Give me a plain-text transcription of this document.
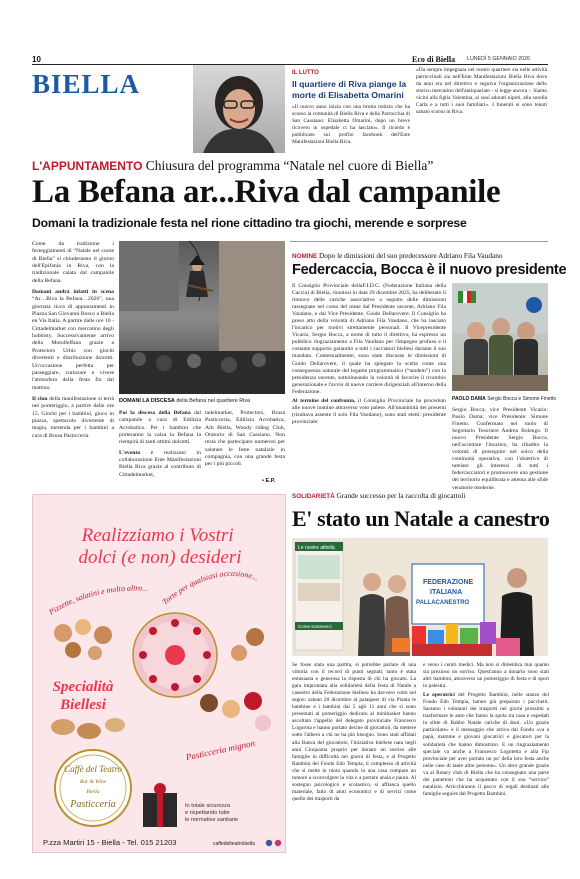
10	Eco di Biella LUNEDÌ 5 GENNAIO 2026
BIELLA	IL LUTTO
Il quartiere di Riva piange la morte di Elisabetta Omarini
«Il nuovo anno inizia con una brutta notizia che ha scosso la comunità di Biella Riva e della Parrocchia di San Cassiano: Elisabetta Omarini, dopo un breve ricovero in ospedale ci ha lasciato». Il ricordo è pubblicato sul profilo facebook dell'Ente Manifestazioni Biella Riva.
«Da sempre impegnata nel nostro quartiere sia nelle attività parrocchiali sia nell'Ente Manifestazioni Biella Riva dove da anni era nel direttivo e seguiva l'organizzazione dello storico mercatino dell'antiquariato - si legge ancora -. Siamo vicini alla figlia Valentina, ai suoi adorati nipoti, alla sorella Carla e a tutti i suoi familiari». I funerali si sono tenuti sabato scorso in Riva.
L'APPUNTAMENTO Chiusura del programma “Natale nel cuore di Biella”
La Befana ar...Riva dal campanile
Domani la tradizionale festa nel rione cittadino tra giochi, merende e sorprese

Come da tradizione i festeggiamenti di “Natale nel cuore di Biella” si chiuderanno il giorno dell'Epifania in Riva, con la tradizionale calata dal campanile della Befana.

Domani andrà infatti in scena “Ar…Riva la Befana…2026”, una giornata ricca di appuntamenti in Piazza San Giovanni Bosco a Biella en Via Italia. A partire dalle ore 10 - Cittadelmarket con mercatino degli hobbisty. Successivamente arrivo della Motolleffana grazie a Protectors Urbis con giochi divertenti e distribuzione dolcetti. Un'occasione perfetta per passeggiare, curiosare e vivere l'atmosfera della festa fin dal mattino.

Il clou della manifestazione si terrà nel pomeriggio, a partire dalle ore 15. Giochi per i bambini, gioco in piazza, spettacolo divertente di magia, merenda per i bambini a cura di Brusa Pasticceria.

DOMANI LA DISCESA della Befana nel quartiere Riva

Poi la discesa della Befana dal campanile a cura di Edilizia Acrobatica. Per i bambini che porteranno la calza la Befana la riempirà di tanti ottimi dolcetti.

L'evento è realizzato in collaborazione Ente Manifestazioni Biella Riva grazie al contributo di Cittadelmarket,

tadelmarket, Protectors, Brusa Pasticceria, Edilizia Acrobatica, Aib Biella, Woody riding Club, Oratorio di San Cassiano. Non resta che partecipare numerosi per salutare le feste natalizie in compagnia, con una grande festa per i più piccoli.

• E.P.
NOMINE Dopo le dimissioni del suo predecessore Adriano Fila Vaudano
Federcaccia, Bocca è il nuovo presidente

Il Consiglio Provinciale dellaF.I.D.C. (Federazione Italiana della Caccia) di Biella, riunitosi in data 29 dicembre 2025, ha deliberato il rinnovo delle cariche associative a seguito delle dimissioni rassegnate nel corso del mese dal Presidente uscente, Adriano Fila Vaudano, e dal Vice Presidente, Guido Dellarovere. Il Consiglio ha preso atto della volontà di Adriano Fila Vaudano, che ha lasciato l'incarico per motivi strettamente personali. Il Vicepresidente Vicario, Sergio Bocca, a nome di tutto il direttivo, ha espresso un pubblico ringraziamento a Fila Vaudano per l'impegno profuso e il costante supporto garantito a tutti i cacciatori biellesi durante il suo mandato. Contestualmente, sono state discusse le dimissioni di Guido Dellarovere, il quale ha spiegato la scelta come una conseguenza naturale del legame programmatico (“tandem”) con la presidenza uscente, sottolineando la volontà di favorire il ricambio generazionale e l'avvio di nuove carriere dirigenziali all'interno della Federazione.

Al termine del confronto, il Consiglio Provinciale ha proceduto alle nuove nomine attraverso voto palese. All'unanimità dei presenti (risultava assente il solo Fila Vaudano), sono stati eletti: presidente provinciale:

PAOLO DAMA Sergio Bocca e Simone Finetto
Sergio Bocca; vice Presidente Vicario: Paolo Dama; vice Presidente: Simone Finetto. Confermato nel ruolo di Segretario Tesoriere Andrea Bolengo. Il nuovo Presidente Sergio Bocca, nell'accettare l'incarico, ha ribadito la volontà di proseguire nel solco della continuità operativa, con l'obiettivo di tutelare gli interessi di tutti i federcacciatori e promuovere una gestione del territorio equilibrata e attenta alle sfide venatorie moderne.
SOLIDARIETÀ Grande successo per la raccolta di giocattoli
E' stato un Natale a canestro
Le nostre attività
Come sostenerci
FEDERAZIONE
ITALIANA
PALLACANESTRO
Se fosse stata una partita, si potrebbe parlare di una vittoria con il record di punti segnati, tanto è stata entusiasta e generosa la risposta di chi ha giocato. La gara improntata alla solidarietà della festa di Natale a canestro della Federazione biellese ha davvero colto nel segno: sabato 20 dicembre al palaspeer di via Pianta le bambine e i bambini dai 5 agli 11 anni che si sono presentati al pomeriggio dedicato al minibasket hanno ascoltato l'appello del delegato provinciale Francesco Logorota e hanno portato decine di giocattoli, da mettere sotto l'albero a chi ne ha più bisogno. Sono stati affidati alla Banca del giocattolo, l'iniziativa biellese nata negli anni Cinquanta proprio per donare un sorriso alle famiglie in difficoltà nei giorni di festa, e al Progetto Bambini del Fondo Edo Tempia, il complesso di attività che si mette in moto quando in una casa compare un tumore a sconvolgere la vita e a portare ansia e paura. Al sostegno psicologico e scolastico, si affianca quello materiale, fatto di aiuti economici e di servizi come quello dei trasporti da

e verso i centri medici. Ma non si dimentica mai quanto sia prezioso un sorriso. Quest'anno a donarlo sono stati altri bambini, attraverso un pomeriggio di festa e di sport in palestra.

Le operatrici del Progetto Bambini, nelle stanze del Fondo Edo Tempia, hanno già preparato i pacchetti. Saranno i volontari dei trasporti nei giorni prossimi a trasformare le auto che fanno la spola tra casa e ospedali in slitte di Babbo Natale cariche di doni. «Un grazie particolare» è il messaggio che arriva dal Fondo «va a papà, mamme e giovani giocatrici e giocatori per la solidarietà che hanno dimostrato. E un ringraziamento speciale va anche a Francesco Logotetta e alla Fip provinciale per aver portato un po' della loro festa anche nelle case di tante altre persone». Un altro grande grazie va al Rotary club di Biella che ha consegnato una parte dei panettoni che ha acquistato con il suo “service” natalizio. Arricchiranno il pacco di regali destinati alle famiglie seguire dal Progetto Bambini.

Realizziamo i Vostri dolci (e non) desideri
Pizzette, salatini e molto altro...
Torte per qualsiasi occasione...
Specialità
Biellesi
Pasticceria mignon
Caffè del Teatro
Bar & Wine
Biella
Pasticceria	In totale sicurezza
e rispettando tutte
le normative sanitarie
P.zza Martiri 15 - Biella - Tel. 015 21203	caffedelteatrobiella
